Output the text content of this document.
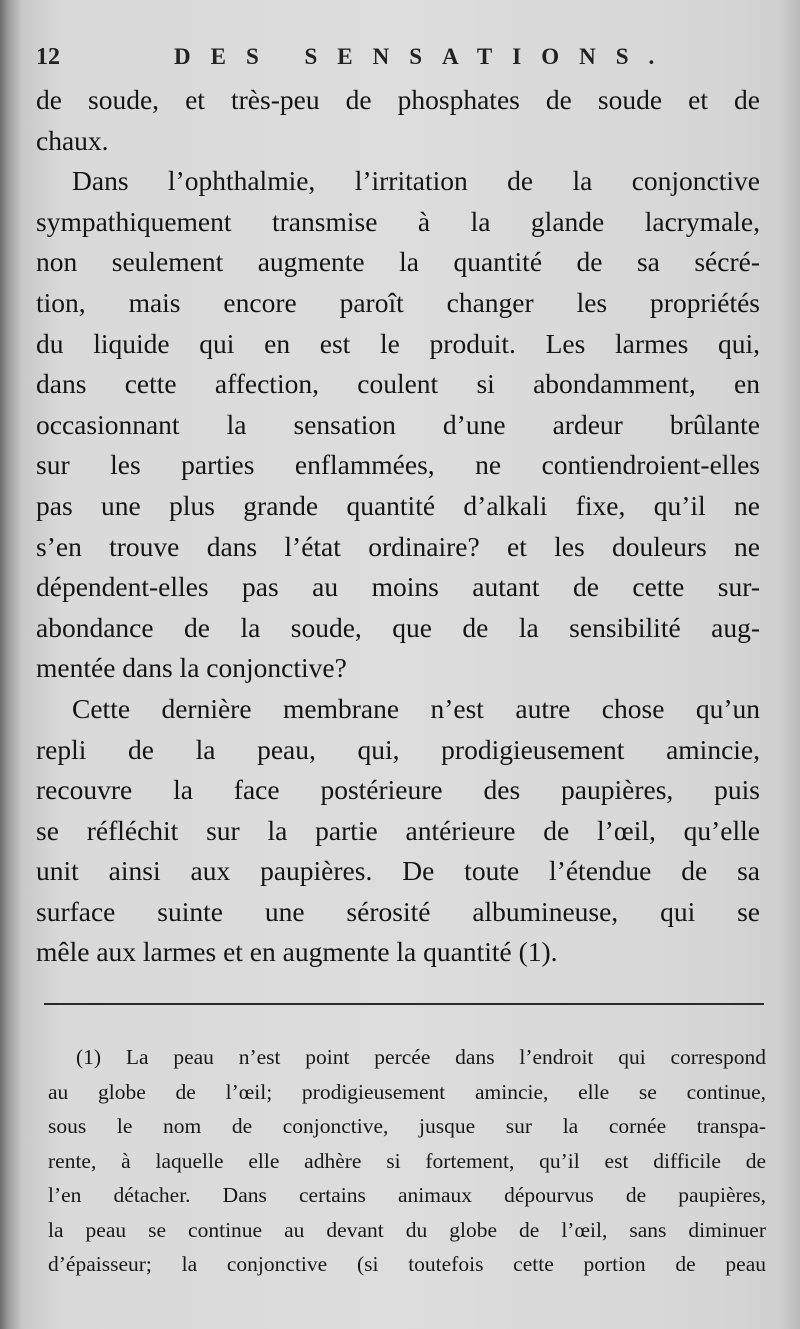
12	DES SENSATIONS.
de soude, et très-peu de phosphates de soude et de
chaux.
Dans l’ophthalmie, l’irritation de la conjonctive
sympathiquement transmise à la glande lacrymale,
non seulement augmente la quantité de sa sécré-
tion, mais encore paroît changer les propriétés
du liquide qui en est le produit. Les larmes qui,
dans cette affection, coulent si abondamment, en
occasionnant la sensation d’une ardeur brûlante
sur les parties enflammées, ne contiendroient-elles
pas une plus grande quantité d’alkali fixe, qu’il ne
s’en trouve dans l’état ordinaire? et les douleurs ne
dépendent-elles pas au moins autant de cette sur-
abondance de la soude, que de la sensibilité aug-
mentée dans la conjonctive?
Cette dernière membrane n’est autre chose qu’un
repli de la peau, qui, prodigieusement amincie,
recouvre la face postérieure des paupières, puis
se réfléchit sur la partie antérieure de l’œil, qu’elle
unit ainsi aux paupières. De toute l’étendue de sa
surface suinte une sérosité albumineuse, qui se
mêle aux larmes et en augmente la quantité (1).
(1) La peau n’est point percée dans l’endroit qui correspond
au globe de l’œil; prodigieusement amincie, elle se continue,
sous le nom de conjonctive, jusque sur la cornée transpa-
rente, à laquelle elle adhère si fortement, qu’il est difficile de
l’en détacher. Dans certains animaux dépourvus de paupières,
la peau se continue au devant du globe de l’œil, sans diminuer
d’épaisseur; la conjonctive (si toutefois cette portion de peau
